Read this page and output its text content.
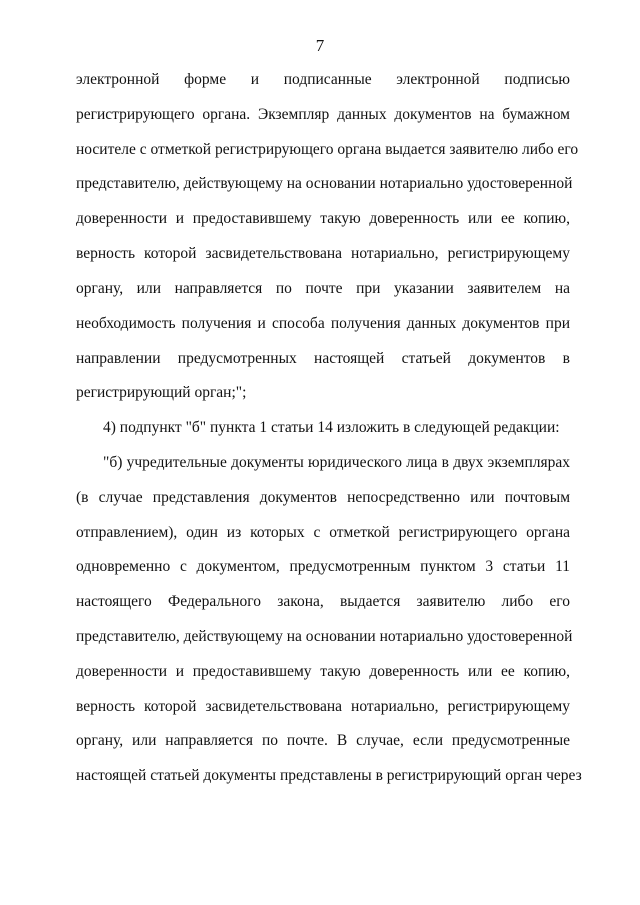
7
электронной форме и подписанные электронной подписью
регистрирующего органа. Экземпляр данных документов на бумажном
носителе с отметкой регистрирующего органа выдается заявителю либо его
представителю, действующему на основании нотариально удостоверенной
доверенности и предоставившему такую доверенность или ее копию,
верность которой засвидетельствована нотариально, регистрирующему
органу, или направляется по почте при указании заявителем на
необходимость получения и способа получения данных документов при
направлении предусмотренных настоящей статьей документов в
регистрирующий орган;";
4) подпункт "б" пункта 1 статьи 14 изложить в следующей редакции:
"б) учредительные документы юридического лица в двух экземплярах
(в случае представления документов непосредственно или почтовым
отправлением), один из которых с отметкой регистрирующего органа
одновременно с документом, предусмотренным пунктом 3 статьи 11
настоящего Федерального закона, выдается заявителю либо его
представителю, действующему на основании нотариально удостоверенной
доверенности и предоставившему такую доверенность или ее копию,
верность которой засвидетельствована нотариально, регистрирующему
органу, или направляется по почте. В случае, если предусмотренные
настоящей статьей документы представлены в регистрирующий орган через
